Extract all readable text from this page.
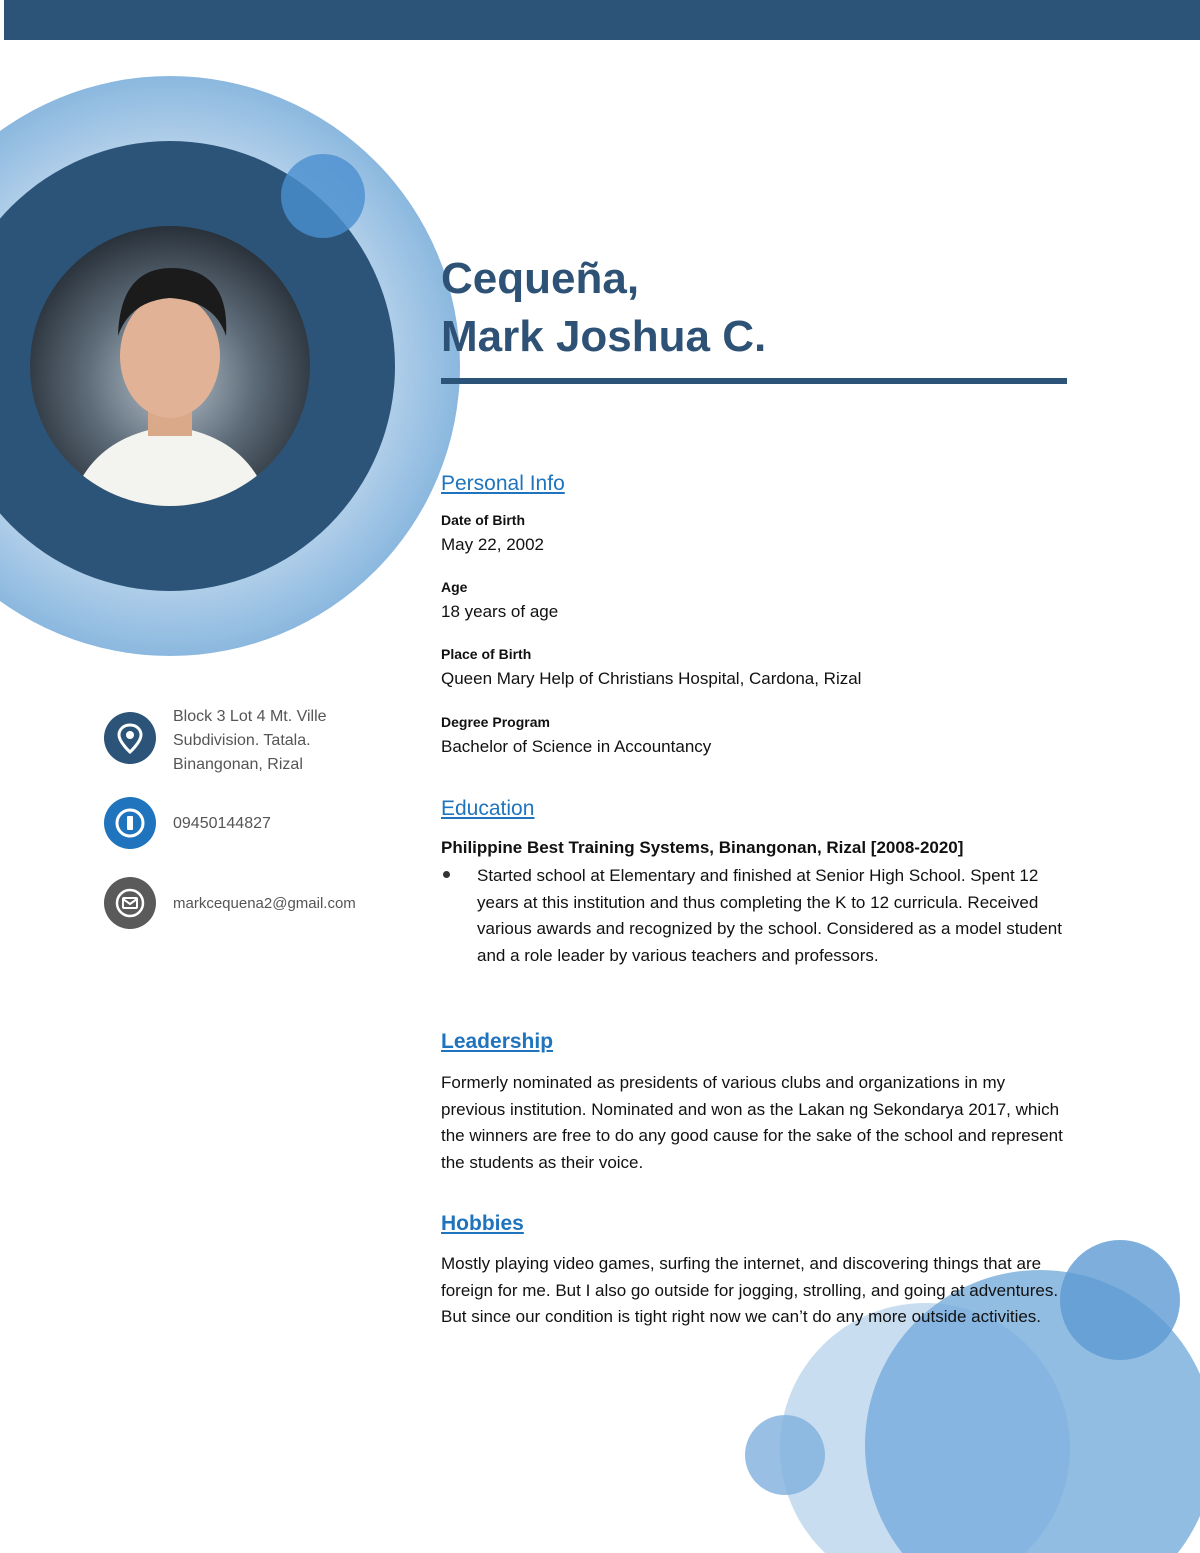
Cequeña,
Mark Joshua C.
Block 3 Lot 4 Mt. Ville
Subdivision. Tatala.
Binangonan, Rizal
09450144827
markcequena2@gmail.com
Personal Info
Date of Birth
May 22, 2002
Age
18 years of age
Place of Birth
Queen Mary Help of Christians Hospital, Cardona, Rizal
Degree Program
Bachelor of Science in Accountancy
Education
Philippine Best Training Systems, Binangonan, Rizal [2008-2020]
Started school at Elementary and finished at Senior High School. Spent 12 years at this institution and thus completing the K to 12 curricula. Received various awards and recognized by the school. Considered as a model student and a role leader by various teachers and professors.
Leadership
Formerly nominated as presidents of various clubs and organizations in my previous institution. Nominated and won as the Lakan ng Sekondarya 2017, which the winners are free to do any good cause for the sake of the school and represent the students as their voice.
Hobbies
Mostly playing video games, surfing the internet, and discovering things that are foreign for me. But I also go outside for jogging, strolling, and going at adventures. But since our condition is tight right now we can’t do any more outside activities.
